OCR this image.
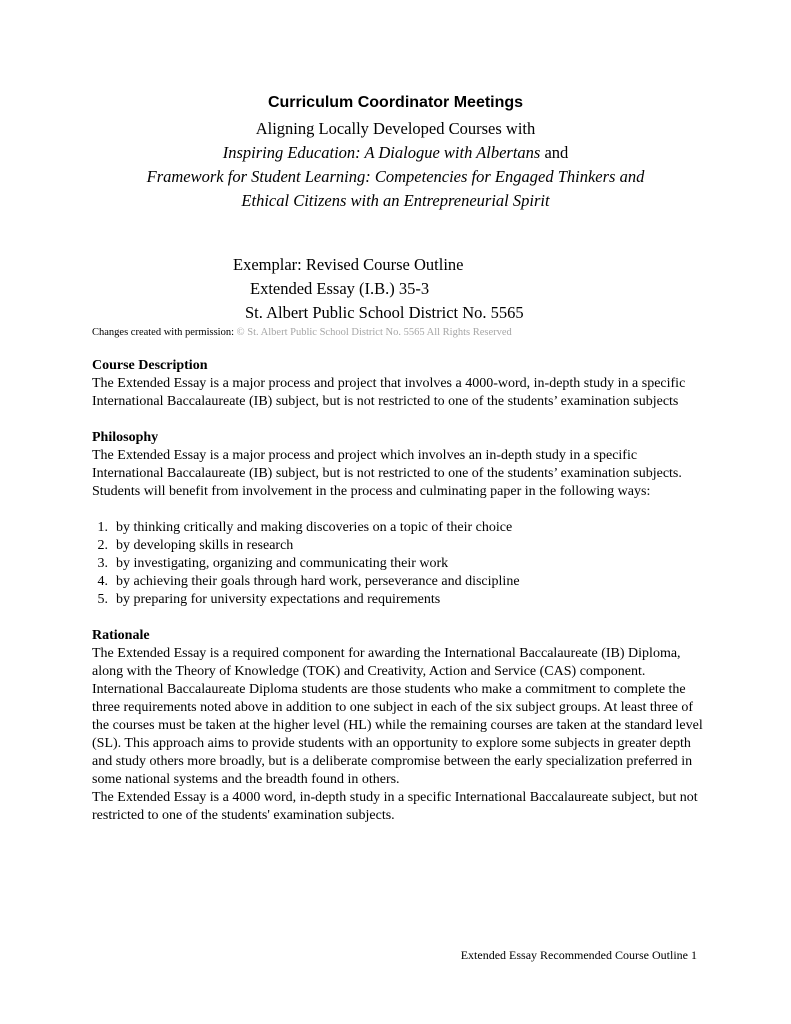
Curriculum Coordinator Meetings
Aligning Locally Developed Courses with
Inspiring Education: A Dialogue with Albertans and
Framework for Student Learning: Competencies for Engaged Thinkers and
Ethical Citizens with an Entrepreneurial Spirit
Exemplar: Revised Course Outline
Extended Essay (I.B.) 35-3
St. Albert Public School District No. 5565
Changes created with permission: © St. Albert Public School District No. 5565 All Rights Reserved

Course Description

The Extended Essay is a major process and project that involves a 4000-word, in-depth study in a specific International Baccalaureate (IB) subject, but is not restricted to one of the students’ examination subjects

Philosophy

The Extended Essay is a major process and project which involves an in-depth study in a specific International Baccalaureate (IB) subject, but is not restricted to one of the students’ examination subjects. Students will benefit from involvement in the process and culminating paper in the following ways:

1. by thinking critically and making discoveries on a topic of their choice
2. by developing skills in research
3. by investigating, organizing and communicating their work
4. by achieving their goals through hard work, perseverance and discipline
5. by preparing for university expectations and requirements

Rationale

The Extended Essay is a required component for awarding the International Baccalaureate (IB) Diploma, along with the Theory of Knowledge (TOK) and Creativity, Action and Service (CAS) component. International Baccalaureate Diploma students are those students who make a commitment to complete the three requirements noted above in addition to one subject in each of the six subject groups. At least three of the courses must be taken at the higher level (HL) while the remaining courses are taken at the standard level (SL). This approach aims to provide students with an opportunity to explore some subjects in greater depth and study others more broadly, but is a deliberate compromise between the early specialization preferred in some national systems and the breadth found in others.

The Extended Essay is a 4000 word, in-depth study in a specific International Baccalaureate subject, but not restricted to one of the students' examination subjects.

Extended Essay Recommended Course Outline 1
